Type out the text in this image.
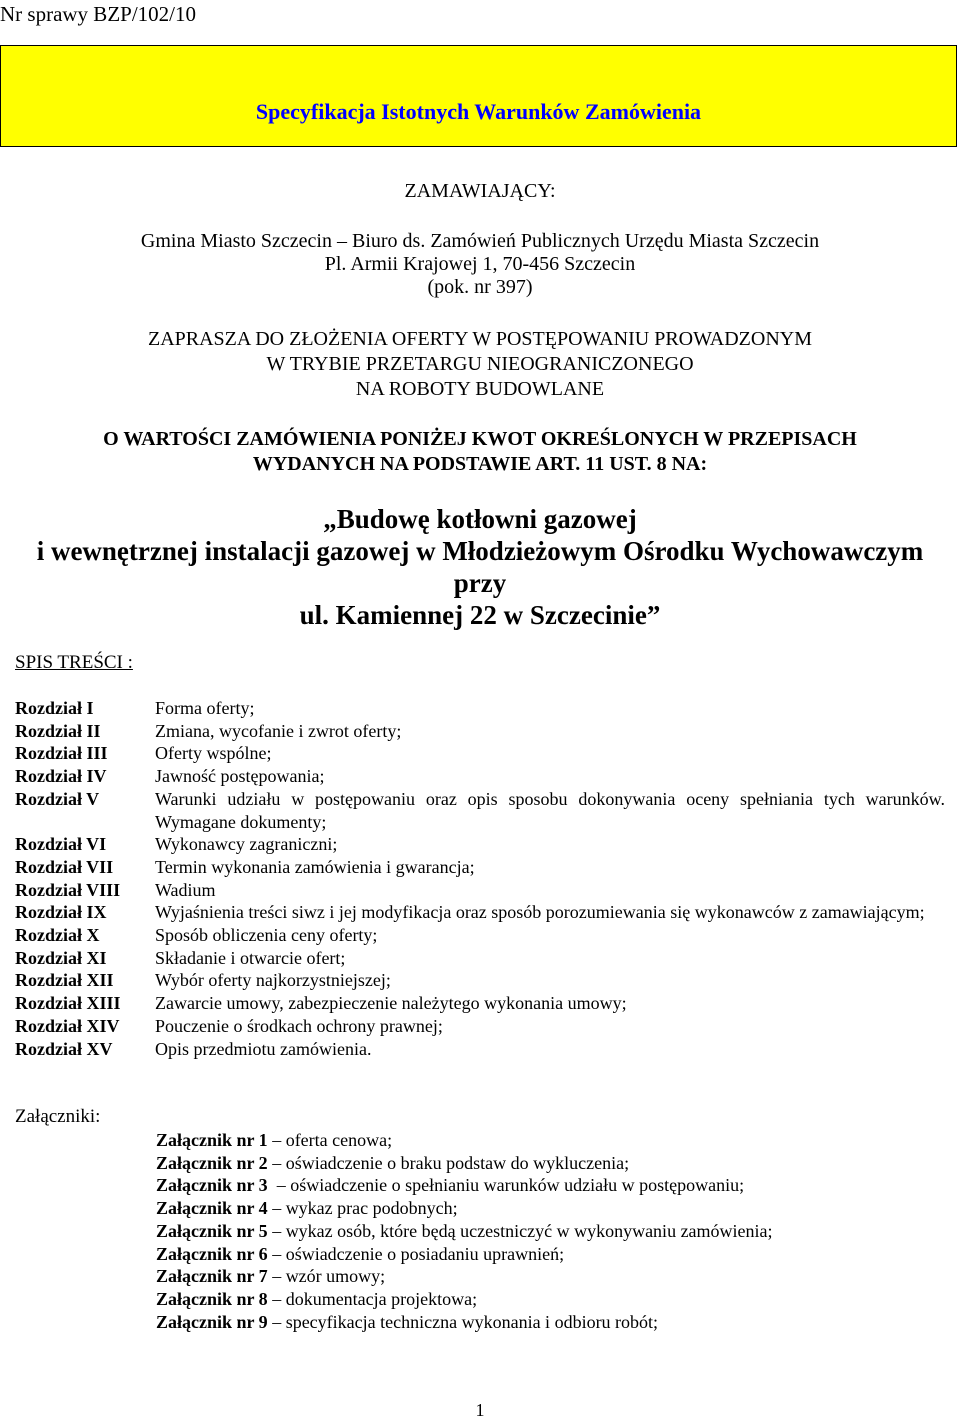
Nr sprawy BZP/102/10
Specyfikacja Istotnych Warunków Zamówienia
ZAMAWIAJĄCY:
Gmina Miasto Szczecin – Biuro ds. Zamówień Publicznych Urzędu Miasta Szczecin
Pl. Armii Krajowej 1, 70-456 Szczecin
(pok. nr 397)
ZAPRASZA DO ZŁOŻENIA OFERTY W POSTĘPOWANIU PROWADZONYM
W TRYBIE PRZETARGU NIEOGRANICZONEGO
NA ROBOTY BUDOWLANE
O WARTOŚCI ZAMÓWIENIA PONIŻEJ KWOT OKREŚLONYCH W PRZEPISACH
WYDANYCH NA PODSTAWIE ART. 11 UST. 8 NA:
„Budowę kotłowni gazowej
i wewnętrznej instalacji gazowej w Młodzieżowym Ośrodku Wychowawczym
przy
ul. Kamiennej 22 w Szczecinie”
SPIS TREŚCI :
Rozdział I	Forma oferty;
Rozdział II	Zmiana, wycofanie i zwrot oferty;
Rozdział III	Oferty wspólne;
Rozdział IV	Jawność postępowania;
Rozdział V	Warunki udziału w postępowaniu oraz opis sposobu dokonywania oceny spełniania tych warunków. Wymagane dokumenty;
Rozdział VI	Wykonawcy zagraniczni;
Rozdział VII Termin wykonania zamówienia i gwarancja;
Rozdział VIII Wadium
Rozdział IX	Wyjaśnienia treści siwz i jej modyfikacja oraz sposób porozumiewania się wykonawców z zamawiającym;
Rozdział X	Sposób obliczenia ceny oferty;
Rozdział XI	Składanie i otwarcie ofert;
Rozdział XII Wybór oferty najkorzystniejszej;
Rozdział XIII Zawarcie umowy, zabezpieczenie należytego wykonania umowy;
Rozdział XIV Pouczenie o środkach ochrony prawnej;
Rozdział XV Opis przedmiotu zamówienia.
Załączniki:
Załącznik nr 1 – oferta cenowa;
Załącznik nr 2 – oświadczenie o braku podstaw do wykluczenia;
Załącznik nr 3  – oświadczenie o spełnianiu warunków udziału w postępowaniu;
Załącznik nr 4 – wykaz prac podobnych;
Załącznik nr 5 – wykaz osób, które będą uczestniczyć w wykonywaniu zamówienia;
Załącznik nr 6 – oświadczenie o posiadaniu uprawnień;
Załącznik nr 7 – wzór umowy;
Załącznik nr 8 – dokumentacja projektowa;
Załącznik nr 9 – specyfikacja techniczna wykonania i odbioru robót;
1
